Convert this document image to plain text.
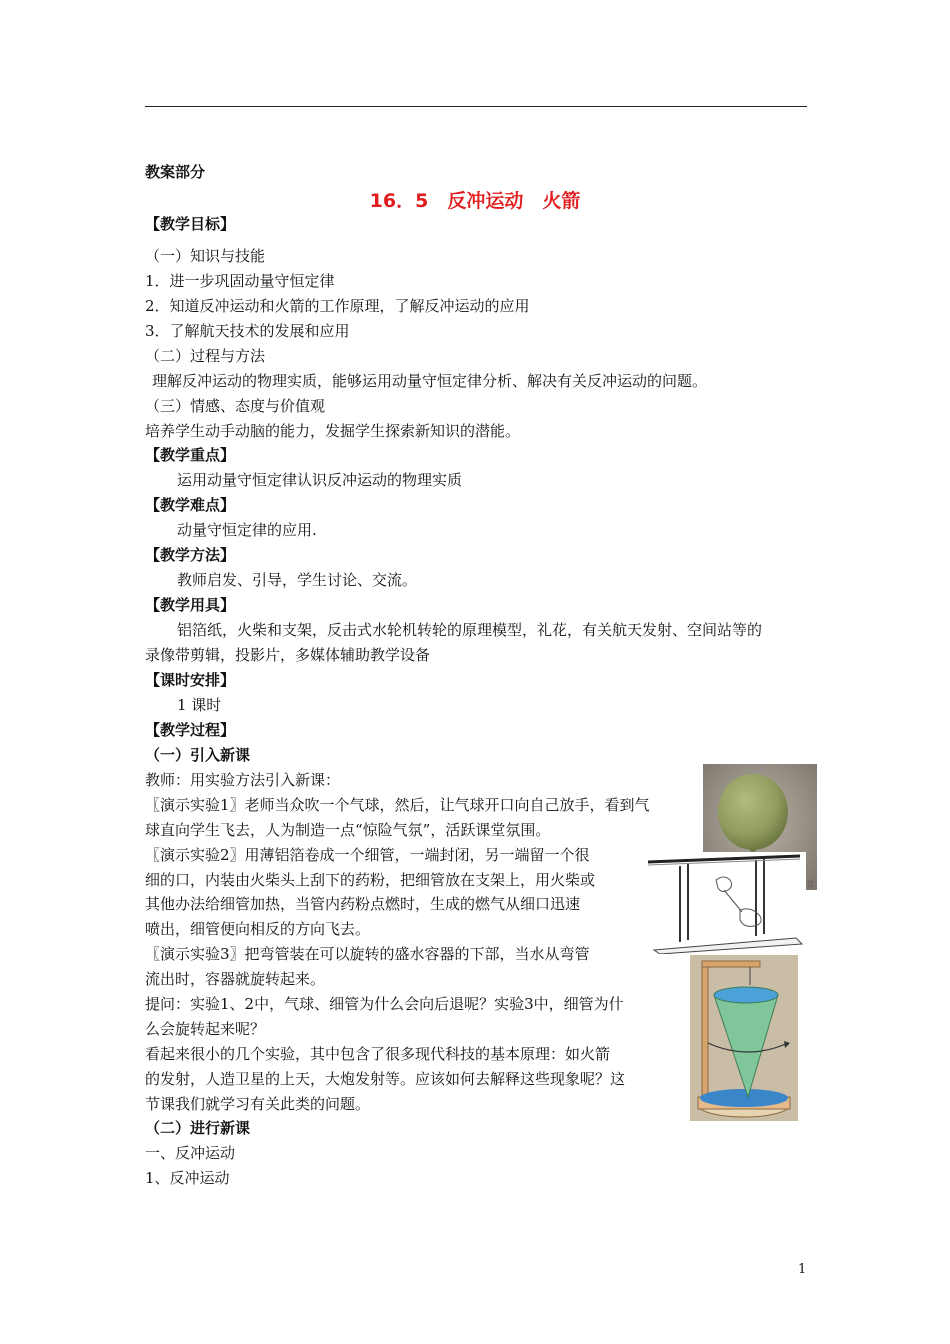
教案部分
16．5　反冲运动　火箭
【教学目标】
（一）知识与技能
1．进一步巩固动量守恒定律
2．知道反冲运动和火箭的工作原理，了解反冲运动的应用
3．了解航天技术的发展和应用
（二）过程与方法
理解反冲运动的物理实质，能够运用动量守恒定律分析、解决有关反冲运动的问题。
（三）情感、态度与价值观
培养学生动手动脑的能力，发掘学生探索新知识的潜能。
【教学重点】
运用动量守恒定律认识反冲运动的物理实质
【教学难点】
动量守恒定律的应用.
【教学方法】
教师启发、引导，学生讨论、交流。
【教学用具】
铝箔纸，火柴和支架，反击式水轮机转轮的原理模型，礼花，有关航天发射、空间站等的
录像带剪辑，投影片，多媒体辅助教学设备
【课时安排】
1 课时
【教学过程】
（一）引入新课
教师：用实验方法引入新课：
〖演示实验1〗老师当众吹一个气球，然后，让气球开口向自己放手，看到气
球直向学生飞去，人为制造一点“惊险气氛”，活跃课堂氛围。
〖演示实验2〗用薄铝箔卷成一个细管，一端封闭，另一端留一个很
细的口，内装由火柴头上刮下的药粉，把细管放在支架上，用火柴或
其他办法给细管加热，当管内药粉点燃时，生成的燃气从细口迅速
喷出，细管便向相反的方向飞去。
〖演示实验3〗把弯管装在可以旋转的盛水容器的下部，当水从弯管
流出时，容器就旋转起来。
提问：实验1、2中，气球、细管为什么会向后退呢？实验3中，细管为什
么会旋转起来呢？
看起来很小的几个实验，其中包含了很多现代科技的基本原理：如火箭
的发射，人造卫星的上天，大炮发射等。应该如何去解释这些现象呢？这
节课我们就学习有关此类的问题。
（二）进行新课
一、反冲运动
1、反冲运动
注
1
